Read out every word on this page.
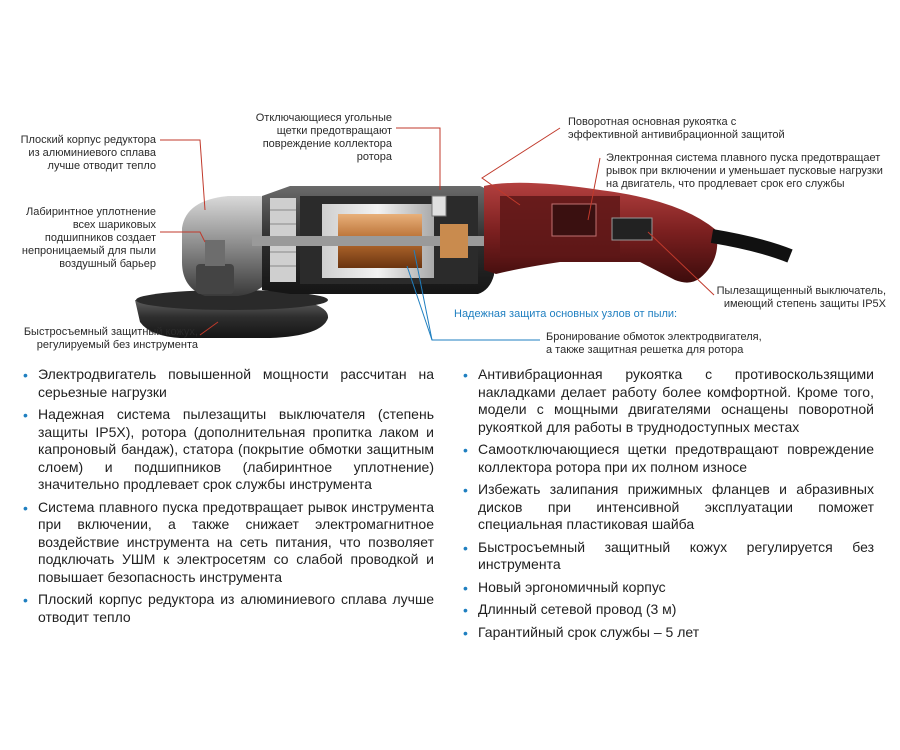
Плоский корпус редуктора из алюминиевого сплава лучше отводит тепло
Лабиринтное уплотнение всех шариковых подшипников создает непроницаемый для пыли воздушный барьер
Быстросъемный защитный кожух, регулируемый без инструмента
Отключающиеся угольные щетки предотвращают повреждение коллектора ротора
Поворотная основная рукоятка с эффективной антивибрационной защитой
Электронная система плавного пуска предотвращает рывок при включении и уменьшает пусковые нагрузки на двигатель, что продлевает срок его службы
Пылезащищенный выключатель, имеющий степень защиты IP5X
Надежная защита основных узлов от пыли:
Бронирование обмоток электродвигателя, а также защитная решетка для ротора
• Электродвигатель повышенной мощности рассчитан на серьезные нагрузки
• Надежная система пылезащиты выключателя (степень защиты IP5X), ротора (дополнительная пропитка лаком и капроновый бандаж), статора (покрытие обмотки защитным слоем) и подшипников (лабиринтное уплотнение) значительно продлевает срок службы инструмента
• Система плавного пуска предотвращает рывок инструмента при включении, а также снижает электромагнитное воздействие инструмента на сеть питания, что позволяет подключать УШМ к электросетям со слабой проводкой и повышает безопасность инструмента
• Плоский корпус редуктора из алюминиевого сплава лучше отводит тепло
• Антивибрационная рукоятка с противоскользящими накладками делает работу более комфортной. Кроме того, модели с мощными двигателями оснащены поворотной рукояткой для работы в труднодоступных местах
• Самоотключающиеся щетки предотвращают повреждение коллектора ротора при их полном износе
• Избежать залипания прижимных фланцев и абразивных дисков при интенсивной эксплуатации поможет специальная пластиковая шайба
• Быстросъемный защитный кожух регулируется без инструмента
• Новый эргономичный корпус
• Длинный сетевой провод (3 м)
• Гарантийный срок службы – 5 лет
